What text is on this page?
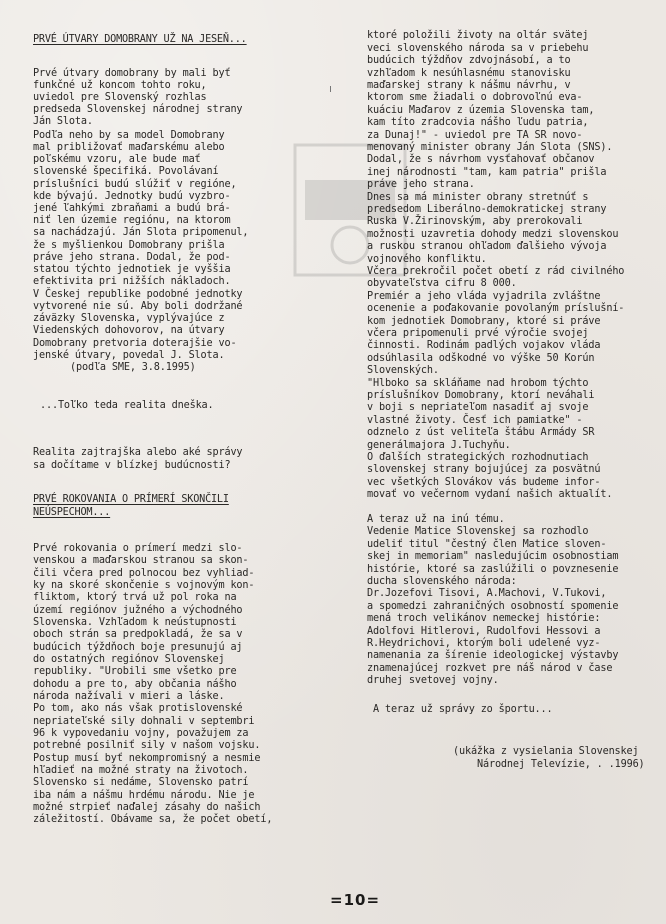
PRVÉ ÚTVARY DOMOBRANY UŽ NA JESEŇ...

Prvé útvary domobrany by mali byť

funkčné už koncom tohto roku,

uviedol pre Slovenský rozhlas

predseda Slovenskej národnej strany

Ján Slota.

Podľa neho by sa model Domobrany

mal približovať maďarskému alebo

poľskému vzoru, ale bude mať

slovenské špecifiká. Povolávaní

príslušníci budú slúžiť v regióne,

kde bývajú. Jednotky budú vyzbro-

jené ľahkými zbraňami a budú brá-

niť len územie regiónu, na ktorom

sa nachádzajú. Ján Slota pripomenul,

že s myšlienkou Domobrany prišla

práve jeho strana. Dodal, že pod-

statou týchto jednotiek je vyššia

efektivita pri nižších nákladoch.

V Českej republike podobné jednotky

vytvorené nie sú. Aby boli dodržané

záväzky Slovenska, vyplývajúce z

Viedenských dohovorov, na útvary

Domobrany pretvoria doterajšie vo-

jenské útvary, povedal J. Slota.

(podľa SME, 3.8.1995)

...Toľko teda realita dneška.

Realita zajtrajška alebo aké správy

sa dočítame v blízkej budúcnosti?

PRVÉ ROKOVANIA O PRÍMERÍ SKONČILI

NEÚSPECHOM...

Prvé rokovania o prímerí medzi slo-

venskou a maďarskou stranou sa skon-

čili včera pred polnocou bez vyhliad-

ky na skoré skončenie s vojnovým kon-

fliktom, ktorý trvá už pol roka na

území regiónov južného a východného

Slovenska. Vzhľadom k neústupnosti

oboch strán sa predpokladá, že sa v

budúcich týždňoch boje presunujú aj

do ostatných regiónov Slovenskej

republiky. "Urobili sme všetko pre

dohodu a pre to, aby občania nášho

národa nažívali v mieri a láske.

Po tom, ako nás však protislovenské

nepriateľské sily dohnali v septembri

96 k vypovedaniu vojny, považujem za

potrebné posilniť sily v našom vojsku.

Postup musí byť nekompromisný a nesmie

hľadieť na možné straty na životoch.

Slovensko si nedáme, Slovensko patrí

iba nám a nášmu hrdému národu. Nie je

možné strpieť naďalej zásahy do našich

záležitostí. Obávame sa, že počet obetí,

ktoré položili životy na oltár svätej

veci slovenského národa sa v priebehu

budúcich týždňov zdvojnásobí, a to

vzhľadom k nesúhlasnému stanovisku

maďarskej strany k nášmu návrhu, v

ktorom sme žiadali o dobrovoľnú eva-

kuáciu Maďarov z územia Slovenska tam,

kam títo zradcovia nášho ľudu patria,

za Dunaj!" - uviedol pre TA SR novo-

menovaný minister obrany Ján Slota (SNS).

Dodal, že s návrhom vysťahovať občanov

inej národnosti "tam, kam patria" prišla

práve jeho strana.

Dnes sa má minister obrany stretnúť s

predsedom Liberálno-demokratickej strany

Ruska V.Žirinovským, aby prerokovali

možnosti uzavretia dohody medzi slovenskou

a ruskou stranou ohľadom ďalšieho vývoja

vojnového konfliktu.

Včera prekročil počet obetí z rád civilného

obyvateľstva cifru 8 000.

Premiér a jeho vláda vyjadrila zvláštne

ocenenie a poďakovanie povolaným príslušní-

kom jednotiek Domobrany, ktoré si práve

včera pripomenuli prvé výročie svojej

činnosti. Rodinám padlých vojakov vláda

odsúhlasila odškodné vo výške 50 Korún

Slovenských.

"Hlboko sa skláňame nad hrobom týchto

príslušníkov Domobrany, ktorí neváhali

v boji s nepriateľom nasadiť aj svoje

vlastné životy. Česť ich pamiatke" -

odznelo z úst veliteľa štábu Armády SR

generálmajora J.Tuchyňu.

O ďalších strategických rozhodnutiach

slovenskej strany bojujúcej za posvätnú

vec všetkých Slovákov vás budeme infor-

movať vo večernom vydaní našich aktualít.

A teraz už na inú tému.

Vedenie Matice Slovenskej sa rozhodlo

udeliť titul "čestný člen Matice sloven-

skej in memoriam" nasledujúcim osobnostiam

histórie, ktoré sa zaslúžili o povznesenie

ducha slovenského národa:

Dr.Jozefovi Tisovi, A.Machovi, V.Tukovi,

a spomedzi zahraničných osobností spomenie

mená troch velikánov nemeckej histórie:

Adolfovi Hitlerovi, Rudolfovi Hessovi a

R.Heydrichovi, ktorým boli udelené vyz-

namenania za šírenie ideologickej výstavby

znamenajúcej rozkvet pre náš národ v čase

druhej svetovej vojny.

A teraz už správy zo športu...

(ukážka z vysielania Slovenskej

Národnej Televízie, . .1996)

=10=
